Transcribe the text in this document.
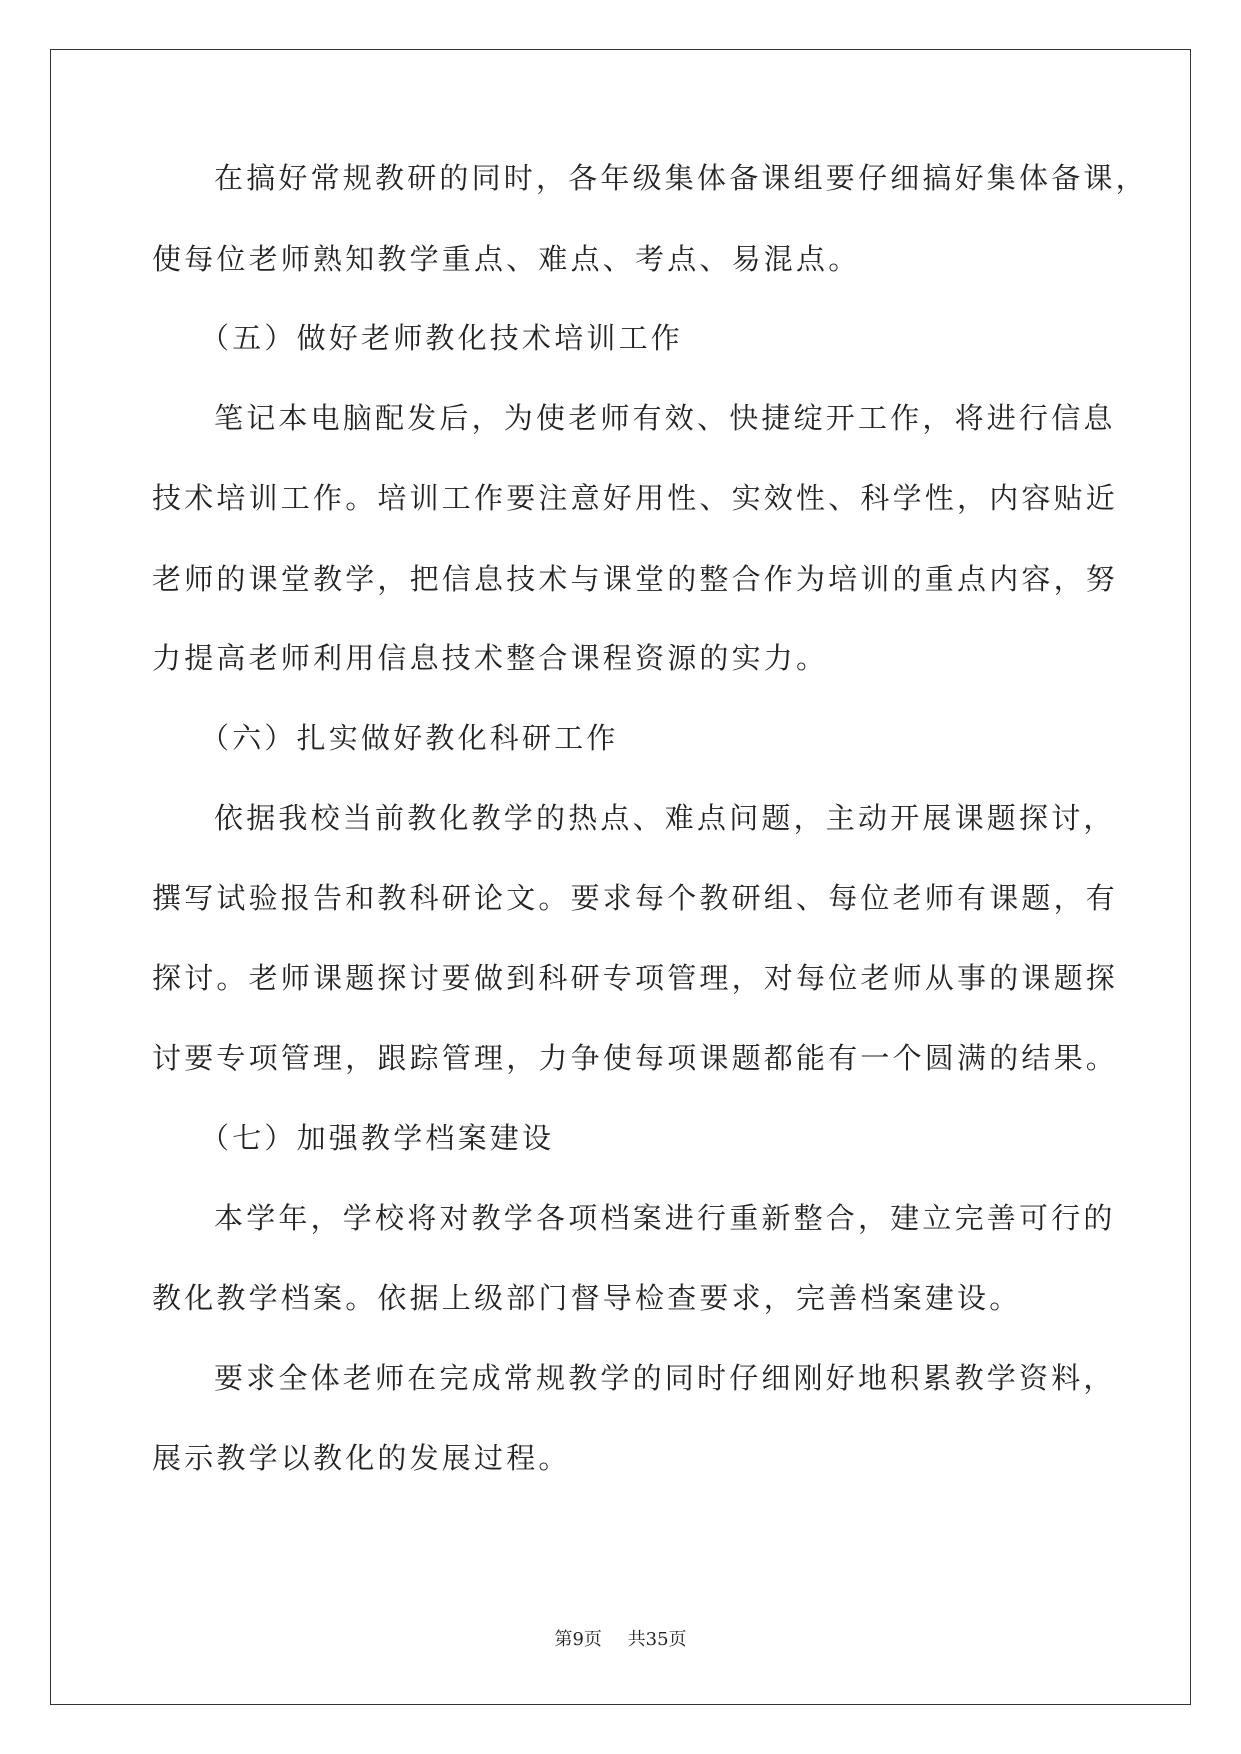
在搞好常规教研的同时，各年级集体备课组要仔细搞好集体备课，
使每位老师熟知教学重点、难点、考点、易混点。
（五）做好老师教化技术培训工作
笔记本电脑配发后，为使老师有效、快捷绽开工作，将进行信息
技术培训工作。培训工作要注意好用性、实效性、科学性，内容贴近
老师的课堂教学，把信息技术与课堂的整合作为培训的重点内容，努
力提高老师利用信息技术整合课程资源的实力。
（六）扎实做好教化科研工作
依据我校当前教化教学的热点、难点问题，主动开展课题探讨，
撰写试验报告和教科研论文。要求每个教研组、每位老师有课题，有
探讨。老师课题探讨要做到科研专项管理，对每位老师从事的课题探
讨要专项管理，跟踪管理，力争使每项课题都能有一个圆满的结果。
（七）加强教学档案建设
本学年，学校将对教学各项档案进行重新整合，建立完善可行的
教化教学档案。依据上级部门督导检查要求，完善档案建设。
要求全体老师在完成常规教学的同时仔细刚好地积累教学资料，
展示教学以教化的发展过程。
第9页 共35页
